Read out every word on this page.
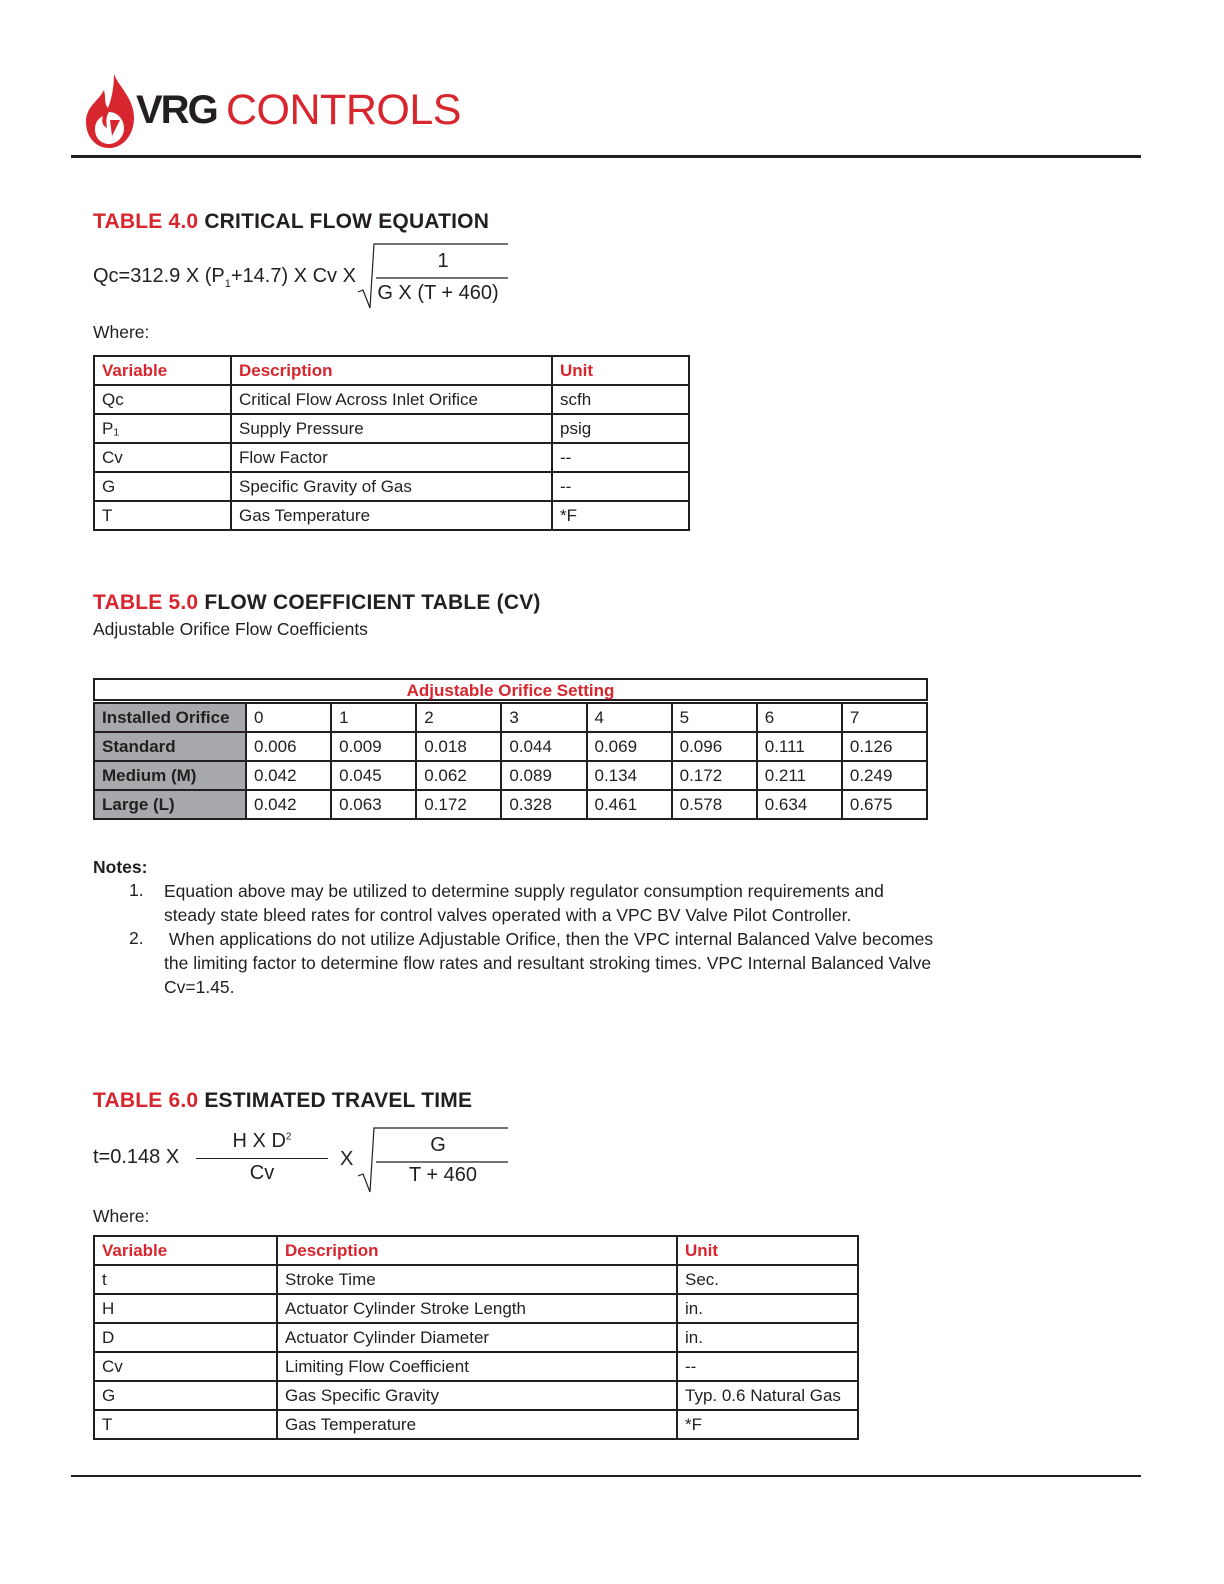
VRG CONTROLS
TABLE 4.0 CRITICAL FLOW EQUATION
Qc=312.9 X $(P_1+14.7)$ X Cv X
1
G X (T + 460)
Where:
Variable	Description	Unit
Qc	Critical Flow Across Inlet Orifice	scfh
P₁	Supply Pressure	psig
Cv	Flow Factor	--
G	Specific Gravity of Gas	--
T	Gas Temperature	*F
TABLE 5.0 FLOW COEFFICIENT TABLE (CV)
Adjustable Orifice Flow Coefficients
Adjustable Orifice Setting
Installed Orifice	0	1	2	3	4	5	6	7
Standard	0.006	0.009	0.018	0.044	0.069	0.096	0.111	0.126
Medium (M)	0.042	0.045	0.062	0.089	0.134	0.172	0.211	0.249
Large (L)	0.042	0.063	0.172	0.328	0.461	0.578	0.634	0.675
Notes:
1. Equation above may be utilized to determine supply regulator consumption requirements and steady state bleed rates for control valves operated with a VPC BV Valve Pilot Controller.
2. When applications do not utilize Adjustable Orifice, then the VPC internal Balanced Valve becomes the limiting factor to determine flow rates and resultant stroking times. VPC Internal Balanced Valve Cv=1.45.
TABLE 6.0 ESTIMATED TRAVEL TIME
t=0.148 X
H X $D^2$
Cv
X
G
T + 460
Where:
Variable	Description	Unit
t	Stroke Time	Sec.
H	Actuator Cylinder Stroke Length	in.
D	Actuator Cylinder Diameter	in.
Cv	Limiting Flow Coefficient	--
G	Gas Specific Gravity	Typ. 0.6 Natural Gas
T	Gas Temperature	*F
